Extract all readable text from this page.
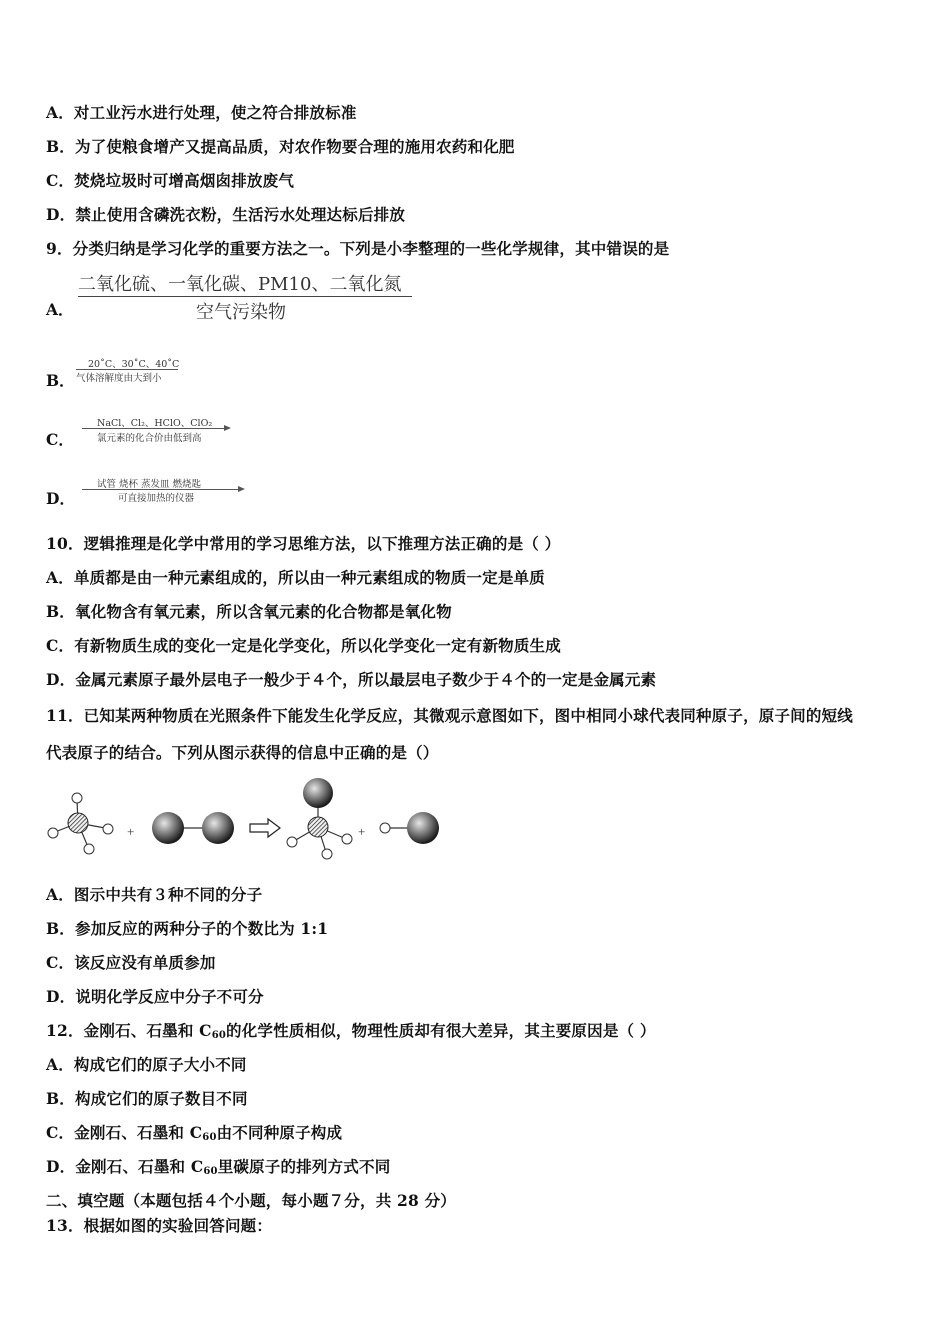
A．对工业污水进行处理，使之符合排放标准
B．为了使粮食增产又提高品质，对农作物要合理的施用农药和化肥
C．焚烧垃圾时可增高烟囱排放废气
D．禁止使用含磷洗衣粉，生活污水处理达标后排放
9．分类归纳是学习化学的重要方法之一。下列是小李整理的一些化学规律，其中错误的是
A．
二氧化硫、一氧化碳、PM10、二氧化氮
空气污染物
B．
20˚C、30˚C、40˚C
气体溶解度由大到小
C．
NaCl、Cl₂、HClO、ClO₂
氯元素的化合价由低到高
D．
试管 烧杯 蒸发皿 燃烧匙
可直接加热的仪器
10．逻辑推理是化学中常用的学习思维方法，以下推理方法正确的是（ ）
A．单质都是由一种元素组成的，所以由一种元素组成的物质一定是单质
B．氧化物含有氧元素，所以含氧元素的化合物都是氧化物
C．有新物质生成的变化一定是化学变化，所以化学变化一定有新物质生成
D．金属元素原子最外层电子一般少于４个，所以最层电子数少于４个的一定是金属元素
11．已知某两种物质在光照条件下能发生化学反应，其微观示意图如下，图中相同小球代表同种原子，原子间的短线
代表原子的结合。下列从图示获得的信息中正确的是（）
+	+
A．图示中共有３种不同的分子
B．参加反应的两种分子的个数比为 1:1
C．该反应没有单质参加
D．说明化学反应中分子不可分
12．金刚石、石墨和 $C_{60}$的化学性质相似，物理性质却有很大差异，其主要原因是（ ）
A．构成它们的原子大小不同
B．构成它们的原子数目不同
C．金刚石、石墨和 $C_{60}$由不同种原子构成
D．金刚石、石墨和 $C_{60}$里碳原子的排列方式不同
二、填空题（本题包括４个小题，每小题７分，共 28 分）
13．根据如图的实验回答问题：
